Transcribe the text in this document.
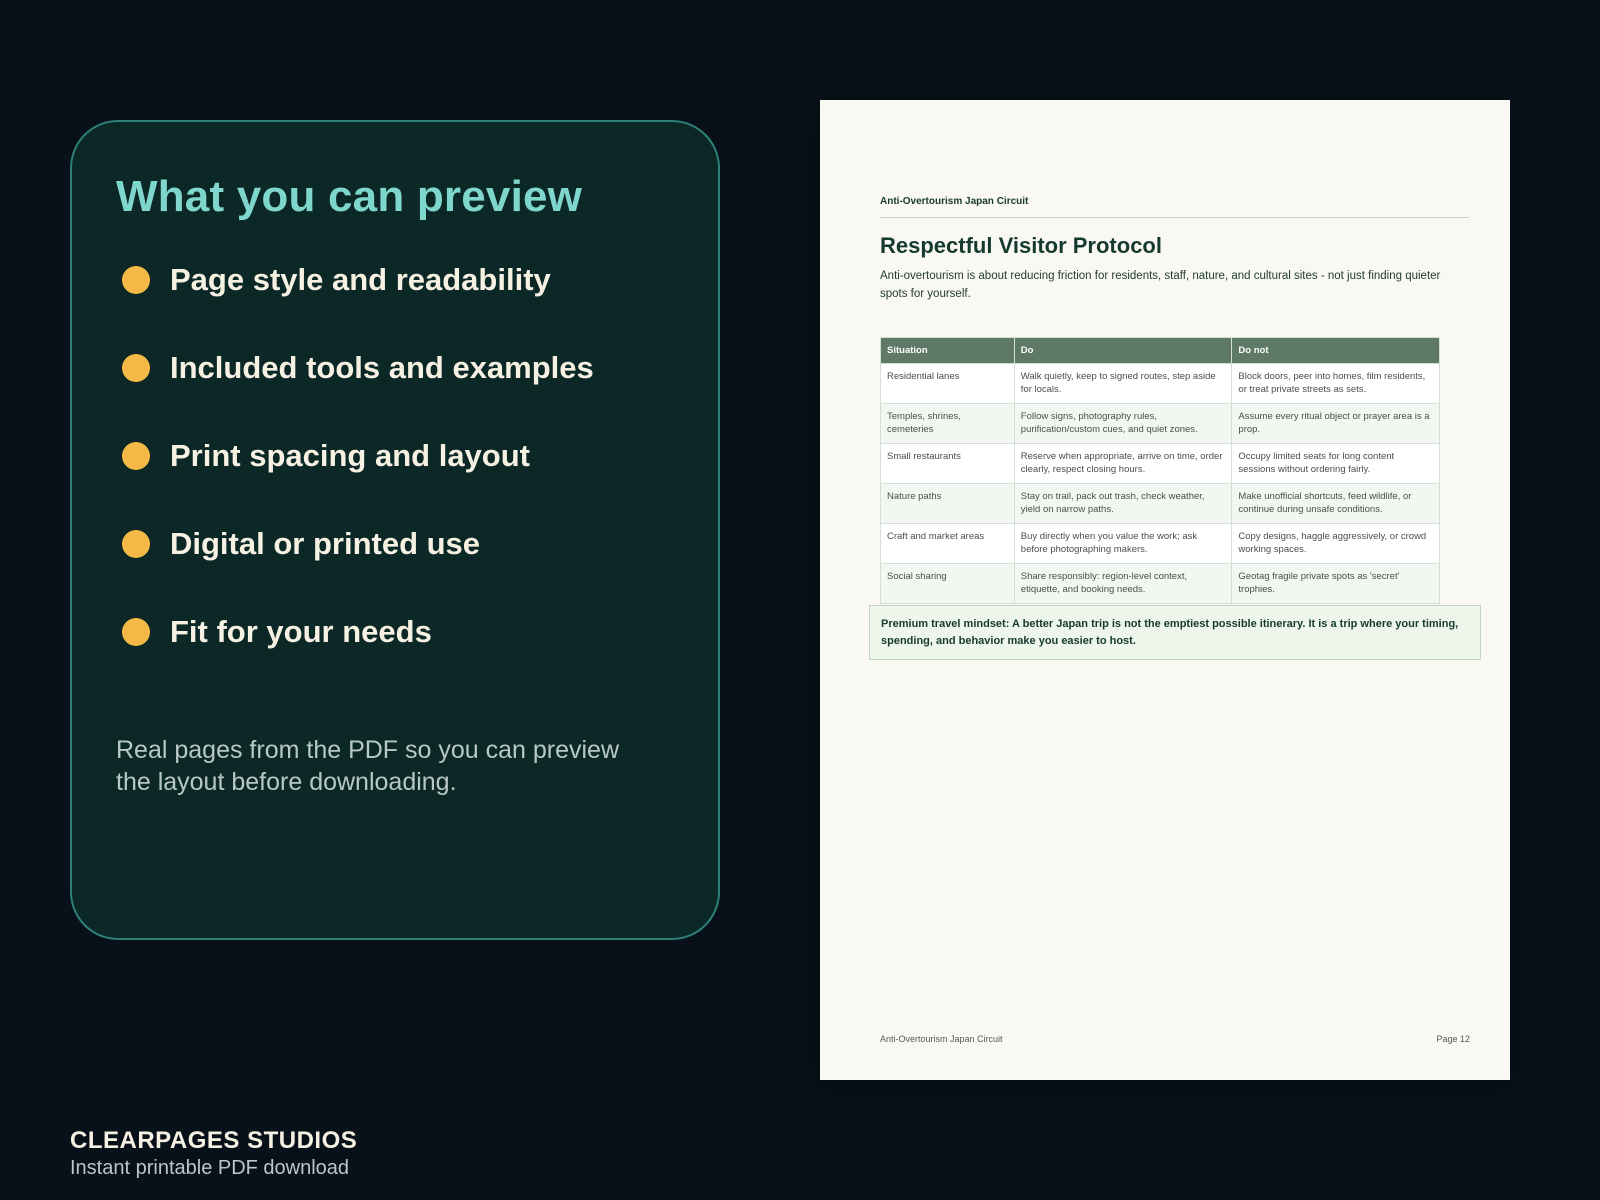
What you can preview
Page style and readability
Included tools and examples
Print spacing and layout
Digital or printed use
Fit for your needs

Real pages from the PDF so you can preview the layout before downloading.

CLEARPAGES STUDIOS
Instant printable PDF download
Anti-Overtourism Japan Circuit
Respectful Visitor Protocol

Anti-overtourism is about reducing friction for residents, staff, nature, and cultural sites - not just finding quieter spots for yourself.

Situation	Do	Do not
Residential lanes	Walk quietly, keep to signed routes, step aside for locals.	Block doors, peer into homes, film residents, or treat private streets as sets.
Temples, shrines, cemeteries	Follow signs, photography rules, purification/custom cues, and quiet zones.	Assume every ritual object or prayer area is a prop.
Small restaurants	Reserve when appropriate, arrive on time, order clearly, respect closing hours.	Occupy limited seats for long content sessions without ordering fairly.
Nature paths	Stay on trail, pack out trash, check weather, yield on narrow paths.	Make unofficial shortcuts, feed wildlife, or continue during unsafe conditions.
Craft and market areas	Buy directly when you value the work; ask before photographing makers.	Copy designs, haggle aggressively, or crowd working spaces.
Social sharing	Share responsibly: region-level context, etiquette, and booking needs.	Geotag fragile private spots as 'secret' trophies.
Premium travel mindset: A better Japan trip is not the emptiest possible itinerary. It is a trip where your timing, spending, and behavior make you easier to host.
Anti-Overtourism Japan Circuit	Page 12
